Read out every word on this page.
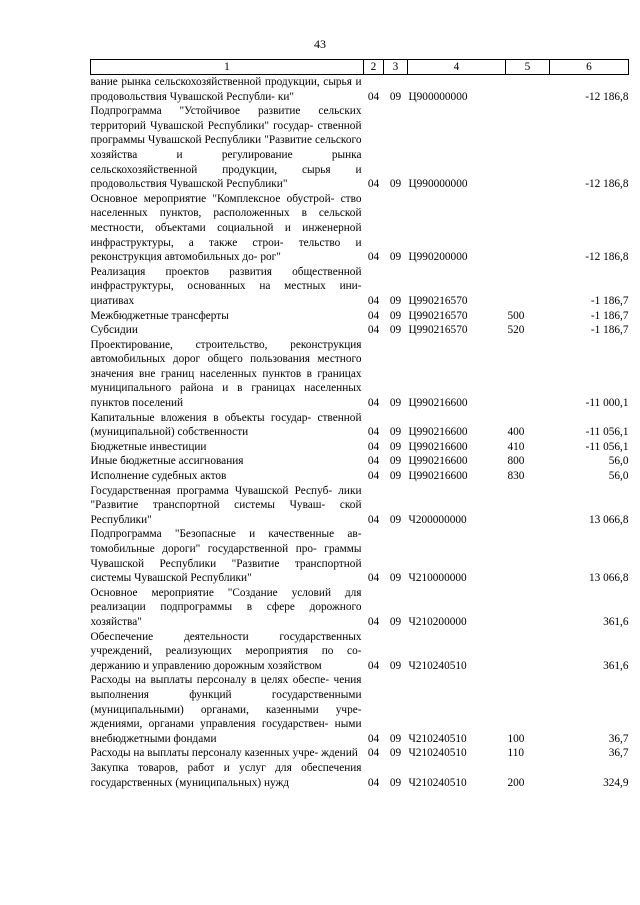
43
1	2	3	4	5	6
вание рынка сельскохозяйственной продукции, сырья и продовольствия Чувашской Республи- ки"	04	09	Ц900000000		-12 186,8
Подпрограмма "Устойчивое развитие сельских территорий Чувашской Республики" государ- ственной программы Чувашской Республики "Развитие сельского хозяйства и регулирование рынка сельскохозяйственной продукции, сырья и продовольствия Чувашской Республики"	04	09	Ц990000000		-12 186,8
Основное мероприятие "Комплексное обустрой- ство населенных пунктов, расположенных в сельской местности, объектами социальной и инженерной инфраструктуры, а также строи- тельство и реконструкция автомобильных до- рог"	04	09	Ц990200000		-12 186,8
Реализация проектов развития общественной инфраструктуры, основанных на местных ини- циативах	04	09	Ц990216570		-1 186,7
Межбюджетные трансферты	04	09	Ц990216570	500	-1 186,7
Субсидии	04	09	Ц990216570	520	-1 186,7
Проектирование, строительство, реконструкция автомобильных дорог общего пользования местного значения вне границ населенных пунктов в границах муниципального района и в границах населенных пунктов поселений	04	09	Ц990216600		-11 000,1
Капитальные вложения в объекты государ- ственной (муниципальной) собственности	04	09	Ц990216600	400	-11 056,1
Бюджетные инвестиции	04	09	Ц990216600	410	-11 056,1
Иные бюджетные ассигнования	04	09	Ц990216600	800	56,0
Исполнение судебных актов	04	09	Ц990216600	830	56,0
Государственная программа Чувашской Респуб- лики "Развитие транспортной системы Чуваш- ской Республики"	04	09	Ч200000000		13 066,8
Подпрограмма "Безопасные и качественные ав- томобильные дороги" государственной про- граммы Чувашской Республики "Развитие транспортной системы Чувашской Республики"	04	09	Ч210000000		13 066,8
Основное мероприятие "Создание условий для реализации подпрограммы в сфере дорожного хозяйства"	04	09	Ч210200000		361,6
Обеспечение деятельности государственных учреждений, реализующих мероприятия по со- держанию и управлению дорожным хозяйством	04	09	Ч210240510		361,6
Расходы на выплаты персоналу в целях обеспе- чения выполнения функций государственными (муниципальными) органами, казенными учре- ждениями, органами управления государствен- ными внебюджетными фондами	04	09	Ч210240510	100	36,7
Расходы на выплаты персоналу казенных учре- ждений	04	09	Ч210240510	110	36,7
Закупка товаров, работ и услуг для обеспечения государственных (муниципальных) нужд	04	09	Ч210240510	200	324,9
